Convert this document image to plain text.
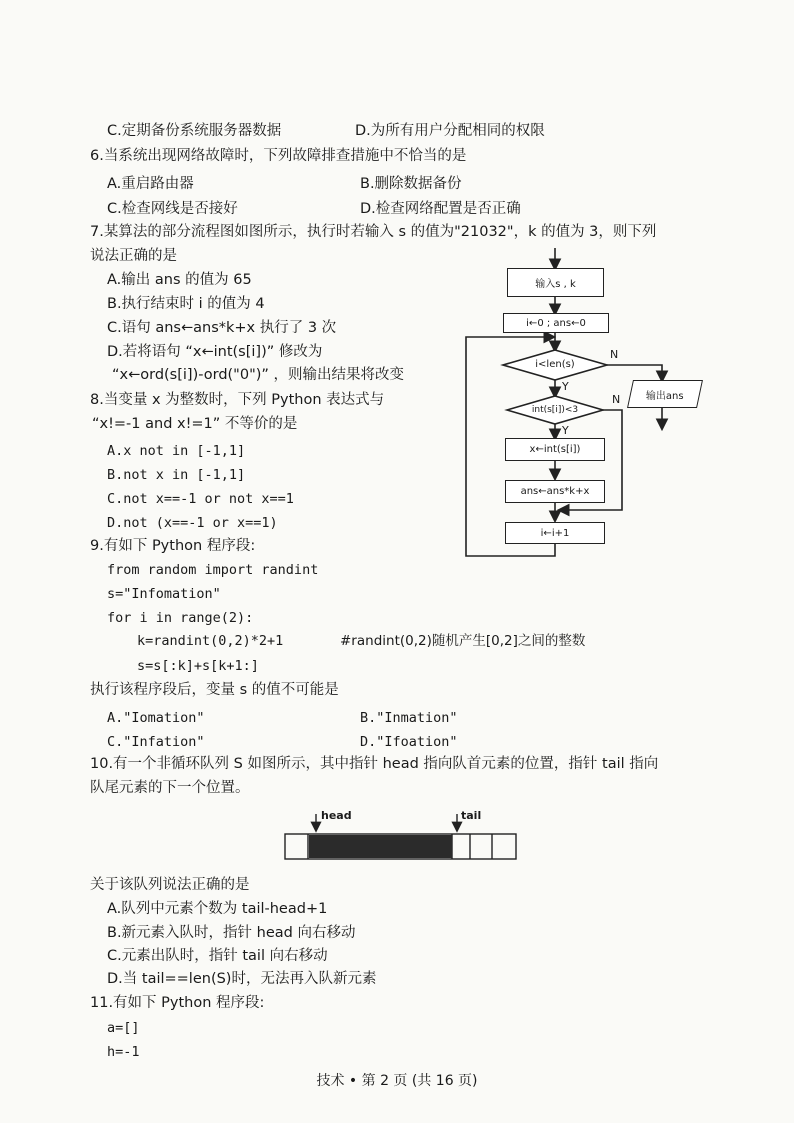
C.定期备份系统服务器数据	D.为所有用户分配相同的权限
6.当系统出现网络故障时，下列故障排查措施中不恰当的是
A.重启路由器	B.删除数据备份
C.检查网线是否接好	D.检查网络配置是否正确
7.某算法的部分流程图如图所示，执行时若输入 s 的值为"21032"，k 的值为 3，则下列
说法正确的是
A.输出 ans 的值为 65
B.执行结束时 i 的值为 4
C.语句 ans←ans*k+x 执行了 3 次
D.若将语句 “x←int(s[i])” 修改为
“x←ord(s[i])-ord("0")” ，则输出结果将改变
输入s , k
i←0 ; ans←0
i<len(s)
int(s[i])<3
x←int(s[i])
ans←ans*k+x
i←i+1
输出ans
N
Y
N
Y
8.当变量 x 为整数时，下列 Python 表达式与
“x!=-1 and x!=1” 不等价的是
A.x not in [-1,1]
B.not x in [-1,1]
C.not x==-1 or not x==1
D.not (x==-1 or x==1)
9.有如下 Python 程序段:
from random import randint
s="Infomation"
for i in range(2):
k=randint(0,2)*2+1	#randint(0,2)随机产生[0,2]之间的整数
s=s[:k]+s[k+1:]
执行该程序段后，变量 s 的值不可能是
A."Iomation"	B."Inmation"
C."Infation"	D."Ifoation"
10.有一个非循环队列 S 如图所示，其中指针 head 指向队首元素的位置，指针 tail 指向
队尾元素的下一个位置。
head	tail
关于该队列说法正确的是
A.队列中元素个数为 tail-head+1
B.新元素入队时，指针 head 向右移动
C.元素出队时，指针 tail 向右移动
D.当 tail==len(S)时，无法再入队新元素
11.有如下 Python 程序段:
a=[]
h=-1
技术 • 第 2 页 (共 16 页)
